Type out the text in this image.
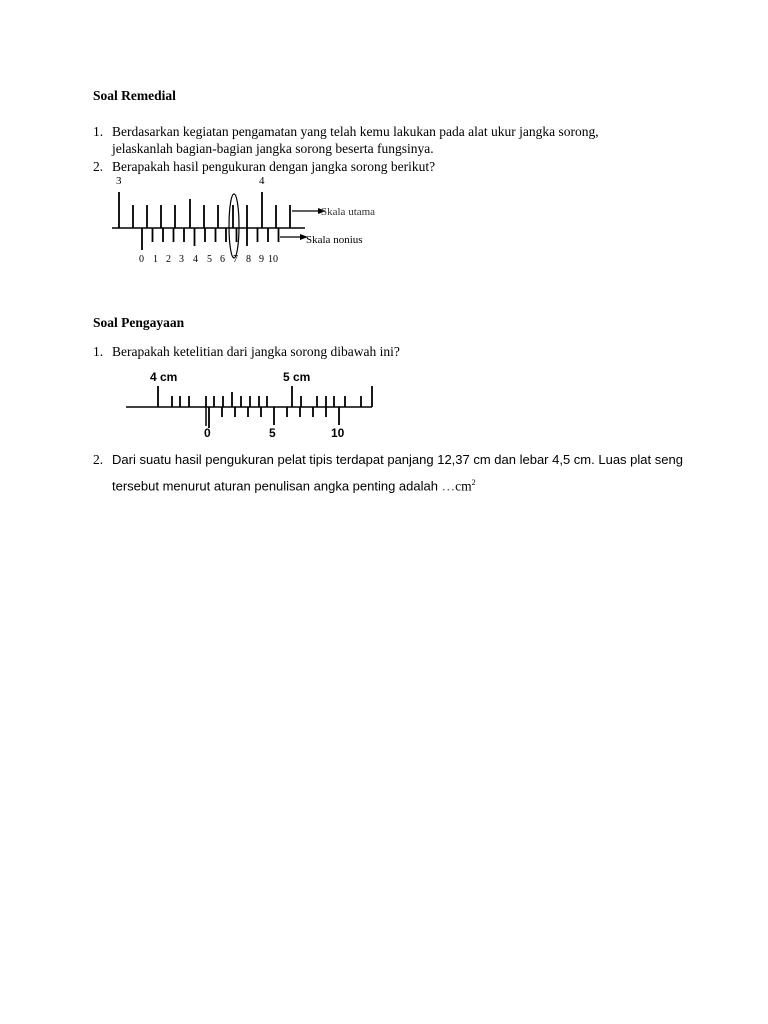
Soal Remedial
1. Berdasarkan kegiatan pengamatan yang telah kemu lakukan pada alat ukur jangka sorong,
jelaskanlah bagian-bagian jangka sorong beserta fungsinya.
2. Berapakah hasil pengukuran dengan jangka sorong berikut?
3	4
Skala utama
Skala nonius
0 1 2 3 4 5 6 7 8 9 10
Soal Pengayaan
1. Berapakah ketelitian dari jangka sorong dibawah ini?
4 cm	5 cm
0	5	10
2. Dari suatu hasil pengukuran pelat tipis terdapat panjang 12,37 cm dan lebar 4,5 cm. Luas plat seng
tersebut menurut aturan penulisan angka penting adalah $\dots cm^2$
